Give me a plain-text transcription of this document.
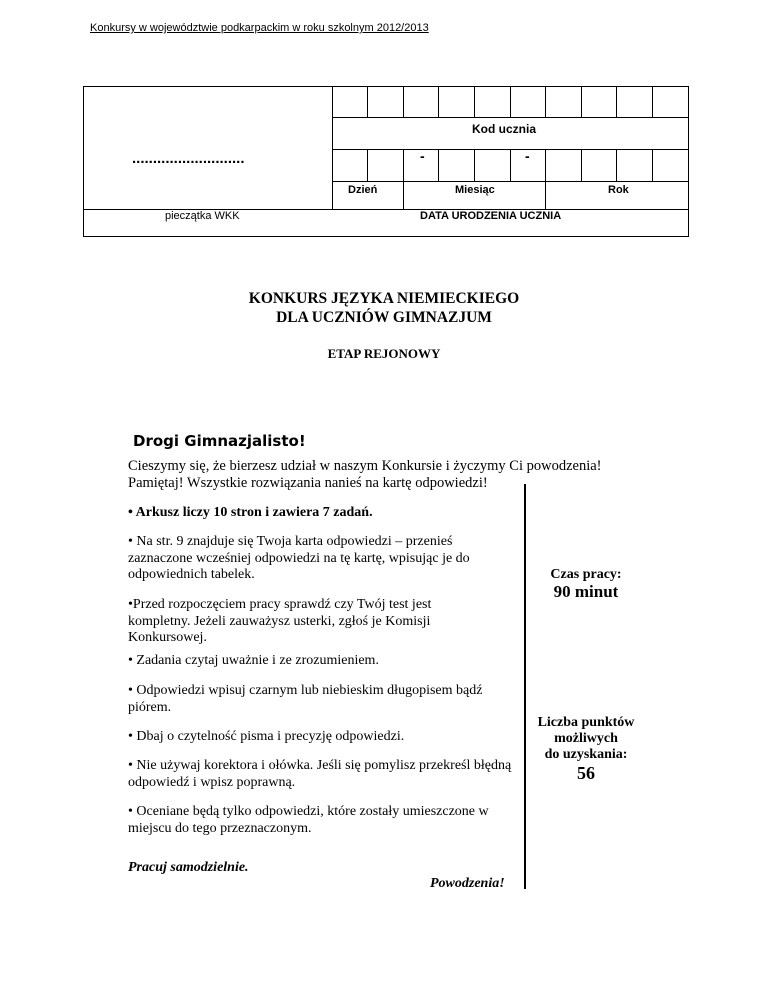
Konkursy w województwie podkarpackim w roku szkolnym 2012/2013
...........................
pieczątka WKK
Kod ucznia
-	-
Dzień	Miesiąc	Rok
DATA URODZENIA UCZNIA
KONKURS JĘZYKA NIEMIECKIEGO
DLA UCZNIÓW GIMNAZJUM
ETAP REJONOWY
Drogi Gimnazjalisto!
Cieszymy się, że bierzesz udział w naszym Konkursie i życzymy Ci powodzenia!
Pamiętaj! Wszystkie rozwiązania nanieś na kartę odpowiedzi!
• Arkusz liczy 10 stron i zawiera 7 zadań.
• Na str. 9 znajduje się Twoja karta odpowiedzi – przenieś zaznaczone wcześniej odpowiedzi na tę kartę, wpisując je do odpowiednich tabelek.
•Przed rozpoczęciem pracy sprawdź czy Twój test jest kompletny. Jeżeli zauważysz usterki, zgłoś je Komisji Konkursowej.
• Zadania czytaj uważnie i ze zrozumieniem.
• Odpowiedzi wpisuj czarnym lub niebieskim długopisem bądź piórem.
• Dbaj o czytelność pisma i precyzję odpowiedzi.
• Nie używaj korektora i ołówka. Jeśli się pomylisz przekreśl błędną odpowiedź i wpisz poprawną.
• Oceniane będą tylko odpowiedzi, które zostały umieszczone w miejscu do tego przeznaczonym.
Pracuj samodzielnie.
Powodzenia!
Czas pracy:
90 minut
Liczba punktów
możliwych
do uzyskania:
56
